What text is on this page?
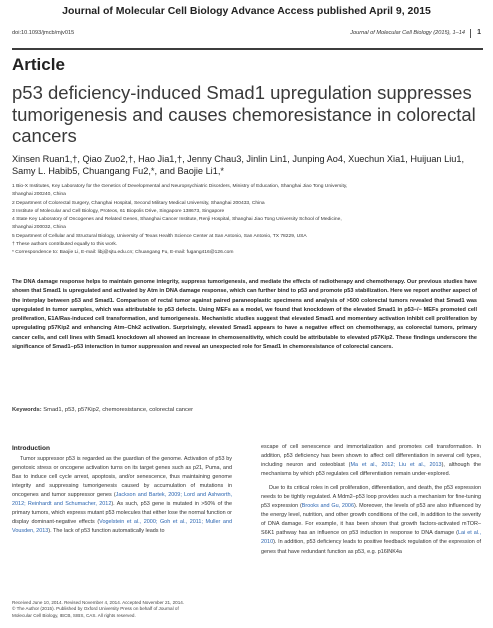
Journal of Molecular Cell Biology Advance Access published April 9, 2015
doi:10.1093/jmcb/mjv015	Journal of Molecular Cell Biology (2015), 1–14 1
Article
p53 deficiency-induced Smad1 upregulation suppresses tumorigenesis and causes chemoresistance in colorectal cancers
Xinsen Ruan1,†, Qiao Zuo2,†, Hao Jia1,†, Jenny Chau3, Jinlin Lin1, Junping Ao4, Xuechun Xia1, Huijuan Liu1, Samy L. Habib5, Chuangang Fu2,*, and Baojie Li1,*
1 Bio-X Institutes, Key Laboratory for the Genetics of Developmental and Neuropsychiatric Disorders, Ministry of Education, Shanghai Jiao Tong University,
Shanghai 200240, China
2 Department of Colorectal Surgery, Changhai Hospital, Second Military Medical University, Shanghai 200433, China
3 Institute of Molecular and Cell Biology, Proteos, 61 Biopolis Drive, Singapore 138673, Singapore
4 State Key Laboratory of Oncogenes and Related Genes, Shanghai Cancer Institute, Renji Hospital, Shanghai Jiao Tong University School of Medicine,
Shanghai 200032, China
5 Department of Cellular and Structural Biology, University of Texas Health Science Center at San Antonio, San Antonio, TX 78229, USA
† These authors contributed equally to this work.
* Correspondence to: Baojie Li, E-mail: libj@sjtu.edu.cn; Chuangang Fu, E-mail: fugang416@126.com

The DNA damage response helps to maintain genome integrity, suppress tumorigenesis, and mediate the effects of radiotherapy and chemotherapy. Our previous studies have shown that Smad1 is upregulated and activated by Atm in DNA damage response, which can further bind to p53 and promote p53 stabilization. Here we report another aspect of the interplay between p53 and Smad1. Comparison of rectal tumor against paired paraneoplastic specimens and analysis of >500 colorectal tumors revealed that Smad1 was upregulated in tumor samples, which was attributable to p53 defects. Using MEFs as a model, we found that knockdown of the elevated Smad1 in p53−/− MEFs promoted cell proliferation, E1A/Ras-induced cell transformation, and tumorigenesis. Mechanistic studies suggest that elevated Smad1 and momentary activation inhibit cell proliferation by upregulating p57Kip2 and enhancing Atm–Chk2 activation. Surprisingly, elevated Smad1 appears to have a negative effect on chemotherapy, as colorectal tumors, primary cancer cells, and cell lines with Smad1 knockdown all showed an increase in chemosensitivity, which could be attributable to elevated p57Kip2. These findings underscore the significance of Smad1–p53 interaction in tumor suppression and reveal an unexpected role for Smad1 in chemoresistance of colorectal cancers.

Keywords: Smad1, p53, p57Kip2, chemoresistance, colorectal cancer
Introduction

Tumor suppressor p53 is regarded as the guardian of the genome. Activation of p53 by genotoxic stress or oncogene activation turns on its target genes such as p21, Puma, and Bax to induce cell cycle arrest, apoptosis, and/or senescence, thus maintaining genome integrity and suppressing tumorigenesis caused by accumulation of mutations in oncogenes and tumor suppressor genes (Jackson and Bartek, 2009; Lord and Ashworth, 2012; Reinhardt and Schumacher, 2012). As such, p53 gene is mutated in >50% of the primary tumors, which express mutant p53 molecules that either lose the normal function or display dominant-negative effects (Vogelstein et al., 2000; Goh et al., 2011; Muller and Vousden, 2013). The lack of p53 function automatically leads to

escape of cell senescence and immortalization and promotes cell transformation. In addition, p53 deficiency has been shown to affect cell differentiation in several cell types, including neuron and osteoblast (Ma et al., 2012; Liu et al., 2013), although the mechanisms by which p53 regulates cell differentiation remain under-explored.

Due to its critical roles in cell proliferation, differentiation, and death, the p53 expression needs to be tightly regulated. A Mdm2–p53 loop provides such a mechanism for fine-tuning p53 expression (Brooks and Gu, 2006). Moreover, the levels of p53 are also influenced by the energy level, nutrition, and other growth conditions of the cell, in addition to the severity of DNA damage. For example, it has been shown that growth factors-activated mTOR–S6K1 pathway has an influence on p53 induction in response to DNA damage (Lai et al., 2010). In addition, p53 deficiency leads to positive feedback regulation of the expression of genes that have redundant function as p53, e.g. p16INK4a

Received June 10, 2014. Revised November 4, 2014. Accepted November 21, 2014.
© The Author (2015). Published by Oxford University Press on behalf of Journal of
Molecular Cell Biology, IBCB, SIBS, CAS. All rights reserved.
